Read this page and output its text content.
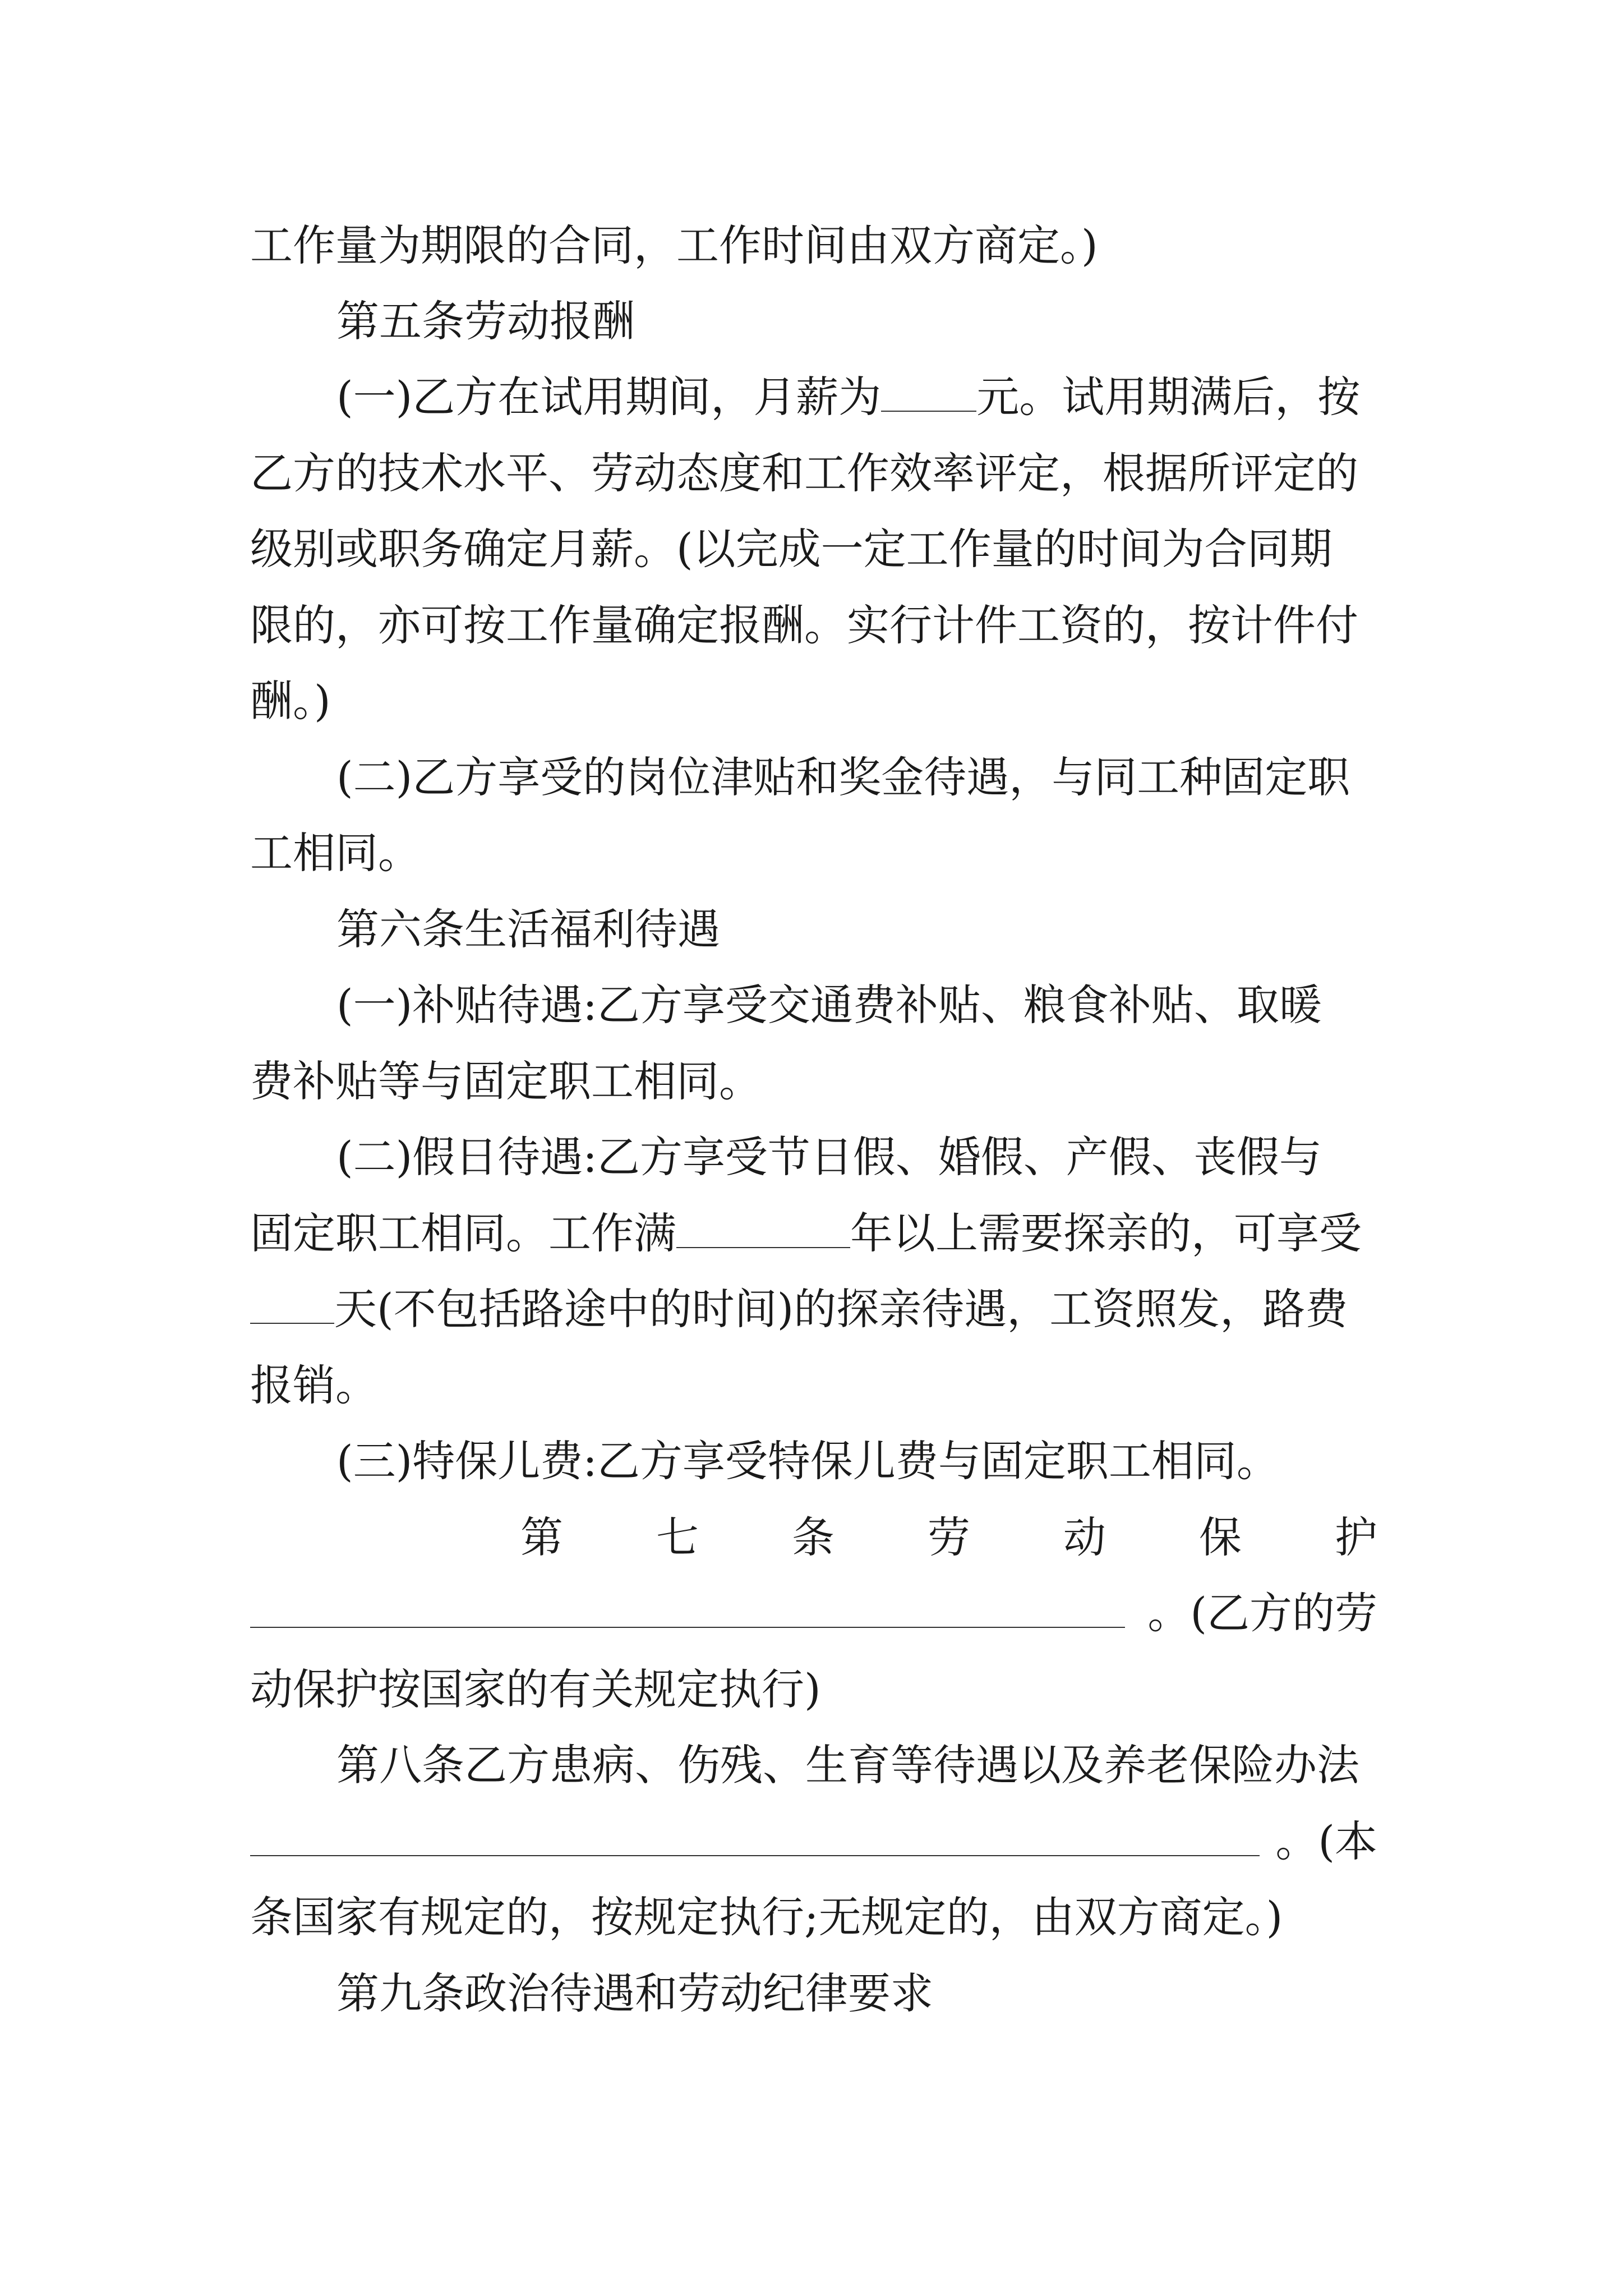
工作量为期限的合同，工作时间由双方商定。)
第五条劳动报酬
(一)乙方在试用期间，月薪为 元。试用期满后，按
乙方的技术水平、劳动态度和工作效率评定，根据所评定的
级别或职务确定月薪。(以完成一定工作量的时间为合同期
限的，亦可按工作量确定报酬。实行计件工资的，按计件付
酬。)
(二)乙方享受的岗位津贴和奖金待遇，与同工种固定职
工相同。
第六条生活福利待遇
(一)补贴待遇:乙方享受交通费补贴、粮食补贴、取暖
费补贴等与固定职工相同。
(二)假日待遇:乙方享受节日假、婚假、产假、丧假与
固定职工相同。工作满	年以上需要探亲的，可享受
天(不包括路途中的时间)的探亲待遇，工资照发，路费
报销。
(三)特保儿费:乙方享受特保儿费与固定职工相同。
第 七 条 劳 动 保 护
。(乙方的劳
动保护按国家的有关规定执行)
第八条乙方患病、伤残、生育等待遇以及养老保险办法
。(本
条国家有规定的，按规定执行;无规定的，由双方商定。)
第九条政治待遇和劳动纪律要求
